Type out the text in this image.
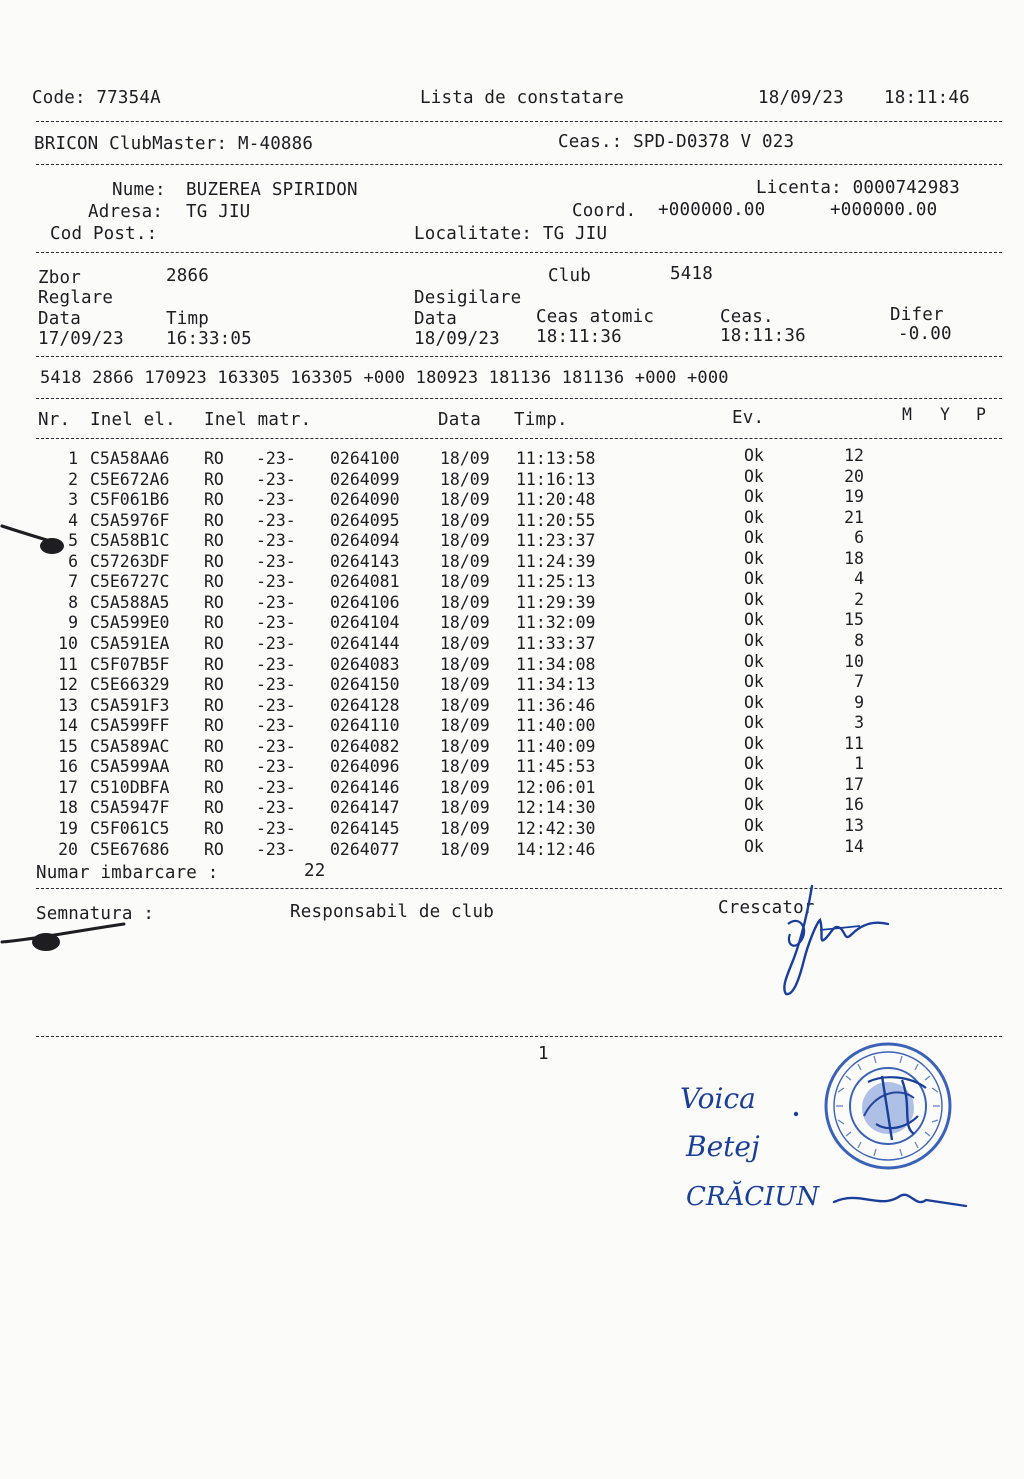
Code: 77354A	Lista de constatare	18/09/23 18:11:46
BRICON ClubMaster: M-40886	Ceas.: SPD-D0378 V 023
Nume: BUZEREA SPIRIDON	Licenta: 0000742983
Adresa: TG JIU	Coord. +000000.00	+000000.00
Cod Post.:	Localitate: TG JIU
Zbor	2866	Club	5418
Reglare	Desigilare
Data	Timp	Data	Ceas atomic	Ceas.	Difer
17/09/23 16:33:05	18/09/23 18:11:36	18:11:36	-0.00
5418 2866 170923 163305 163305 +000 180923 181136 181136 +000 +000
Nr. Inel el. Inel matr.	Data Timp.	Ev.	M Y P
1 C5A58AA6 RO -23- 0264100 18/09 11:13:58	Ok	12
2 C5E672A6 RO -23- 0264099 18/09 11:16:13	Ok	20
3 C5F061B6 RO -23- 0264090 18/09 11:20:48	Ok	19
4 C5A5976F RO -23- 0264095 18/09 11:20:55	Ok	21
5 C5A58B1C RO -23- 0264094 18/09 11:23:37	Ok	6
6 C57263DF RO -23- 0264143 18/09 11:24:39	Ok	18
7 C5E6727C RO -23- 0264081 18/09 11:25:13	Ok	4
8 C5A588A5 RO -23- 0264106 18/09 11:29:39	Ok	2
9 C5A599E0 RO -23- 0264104 18/09 11:32:09	Ok	15
10 C5A591EA RO -23- 0264144 18/09 11:33:37	Ok	8
11 C5F07B5F RO -23- 0264083 18/09 11:34:08	Ok	10
12 C5E66329 RO -23- 0264150 18/09 11:34:13	Ok	7
13 C5A591F3 RO -23- 0264128 18/09 11:36:46	Ok	9
14 C5A599FF RO -23- 0264110 18/09 11:40:00	Ok	3
15 C5A589AC RO -23- 0264082 18/09 11:40:09	Ok	11
16 C5A599AA RO -23- 0264096 18/09 11:45:53	Ok	1
17 C510DBFA RO -23- 0264146 18/09 12:06:01	Ok	17
18 C5A5947F RO -23- 0264147 18/09 12:14:30	Ok	16
19 C5F061C5 RO -23- 0264145 18/09 12:42:30	Ok	13
20 C5E67686 RO -23- 0264077 18/09 14:12:46	Ok	14
Numar imbarcare :	22
Semnatura :	Responsabil de club	Crescator
1
Voica
Betej
CRĂCIUN
